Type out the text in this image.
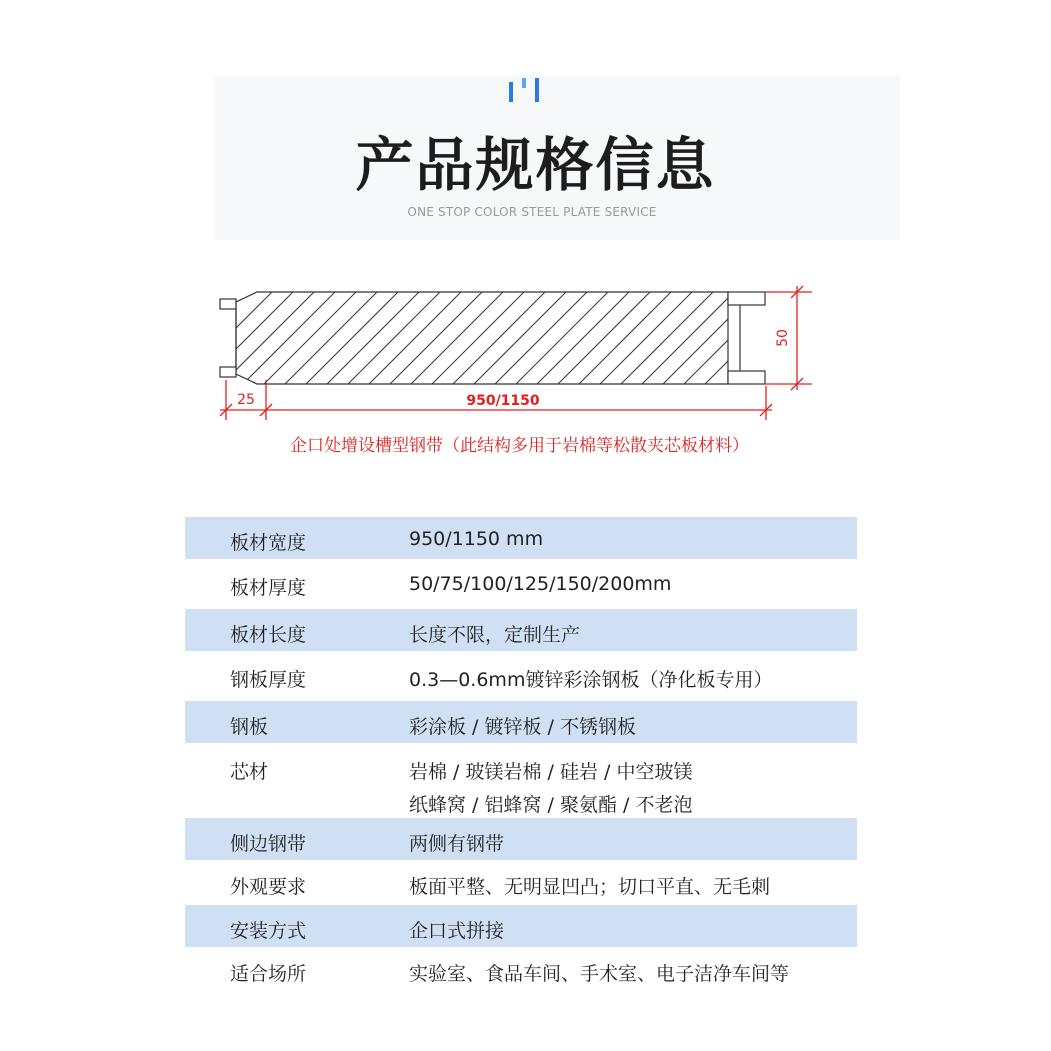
产品规格信息
ONE STOP COLOR STEEL PLATE SERVICE
50
25	950/1150
企口处增设槽型钢带（此结构多用于岩棉等松散夹芯板材料）
板材宽度	950/1150 mm
板材厚度	50/75/100/125/150/200mm
板材长度	长度不限，定制生产
钢板厚度	0.3—0.6mm镀锌彩涂钢板（净化板专用）
钢板	彩涂板 / 镀锌板 / 不锈钢板
芯材	岩棉 / 玻镁岩棉 / 硅岩 / 中空玻镁
纸蜂窝 / 铝蜂窝 / 聚氨酯 / 不老泡
侧边钢带	两侧有钢带
外观要求	板面平整、无明显凹凸；切口平直、无毛刺
安装方式	企口式拼接
适合场所	实验室、食品车间、手术室、电子洁净车间等
